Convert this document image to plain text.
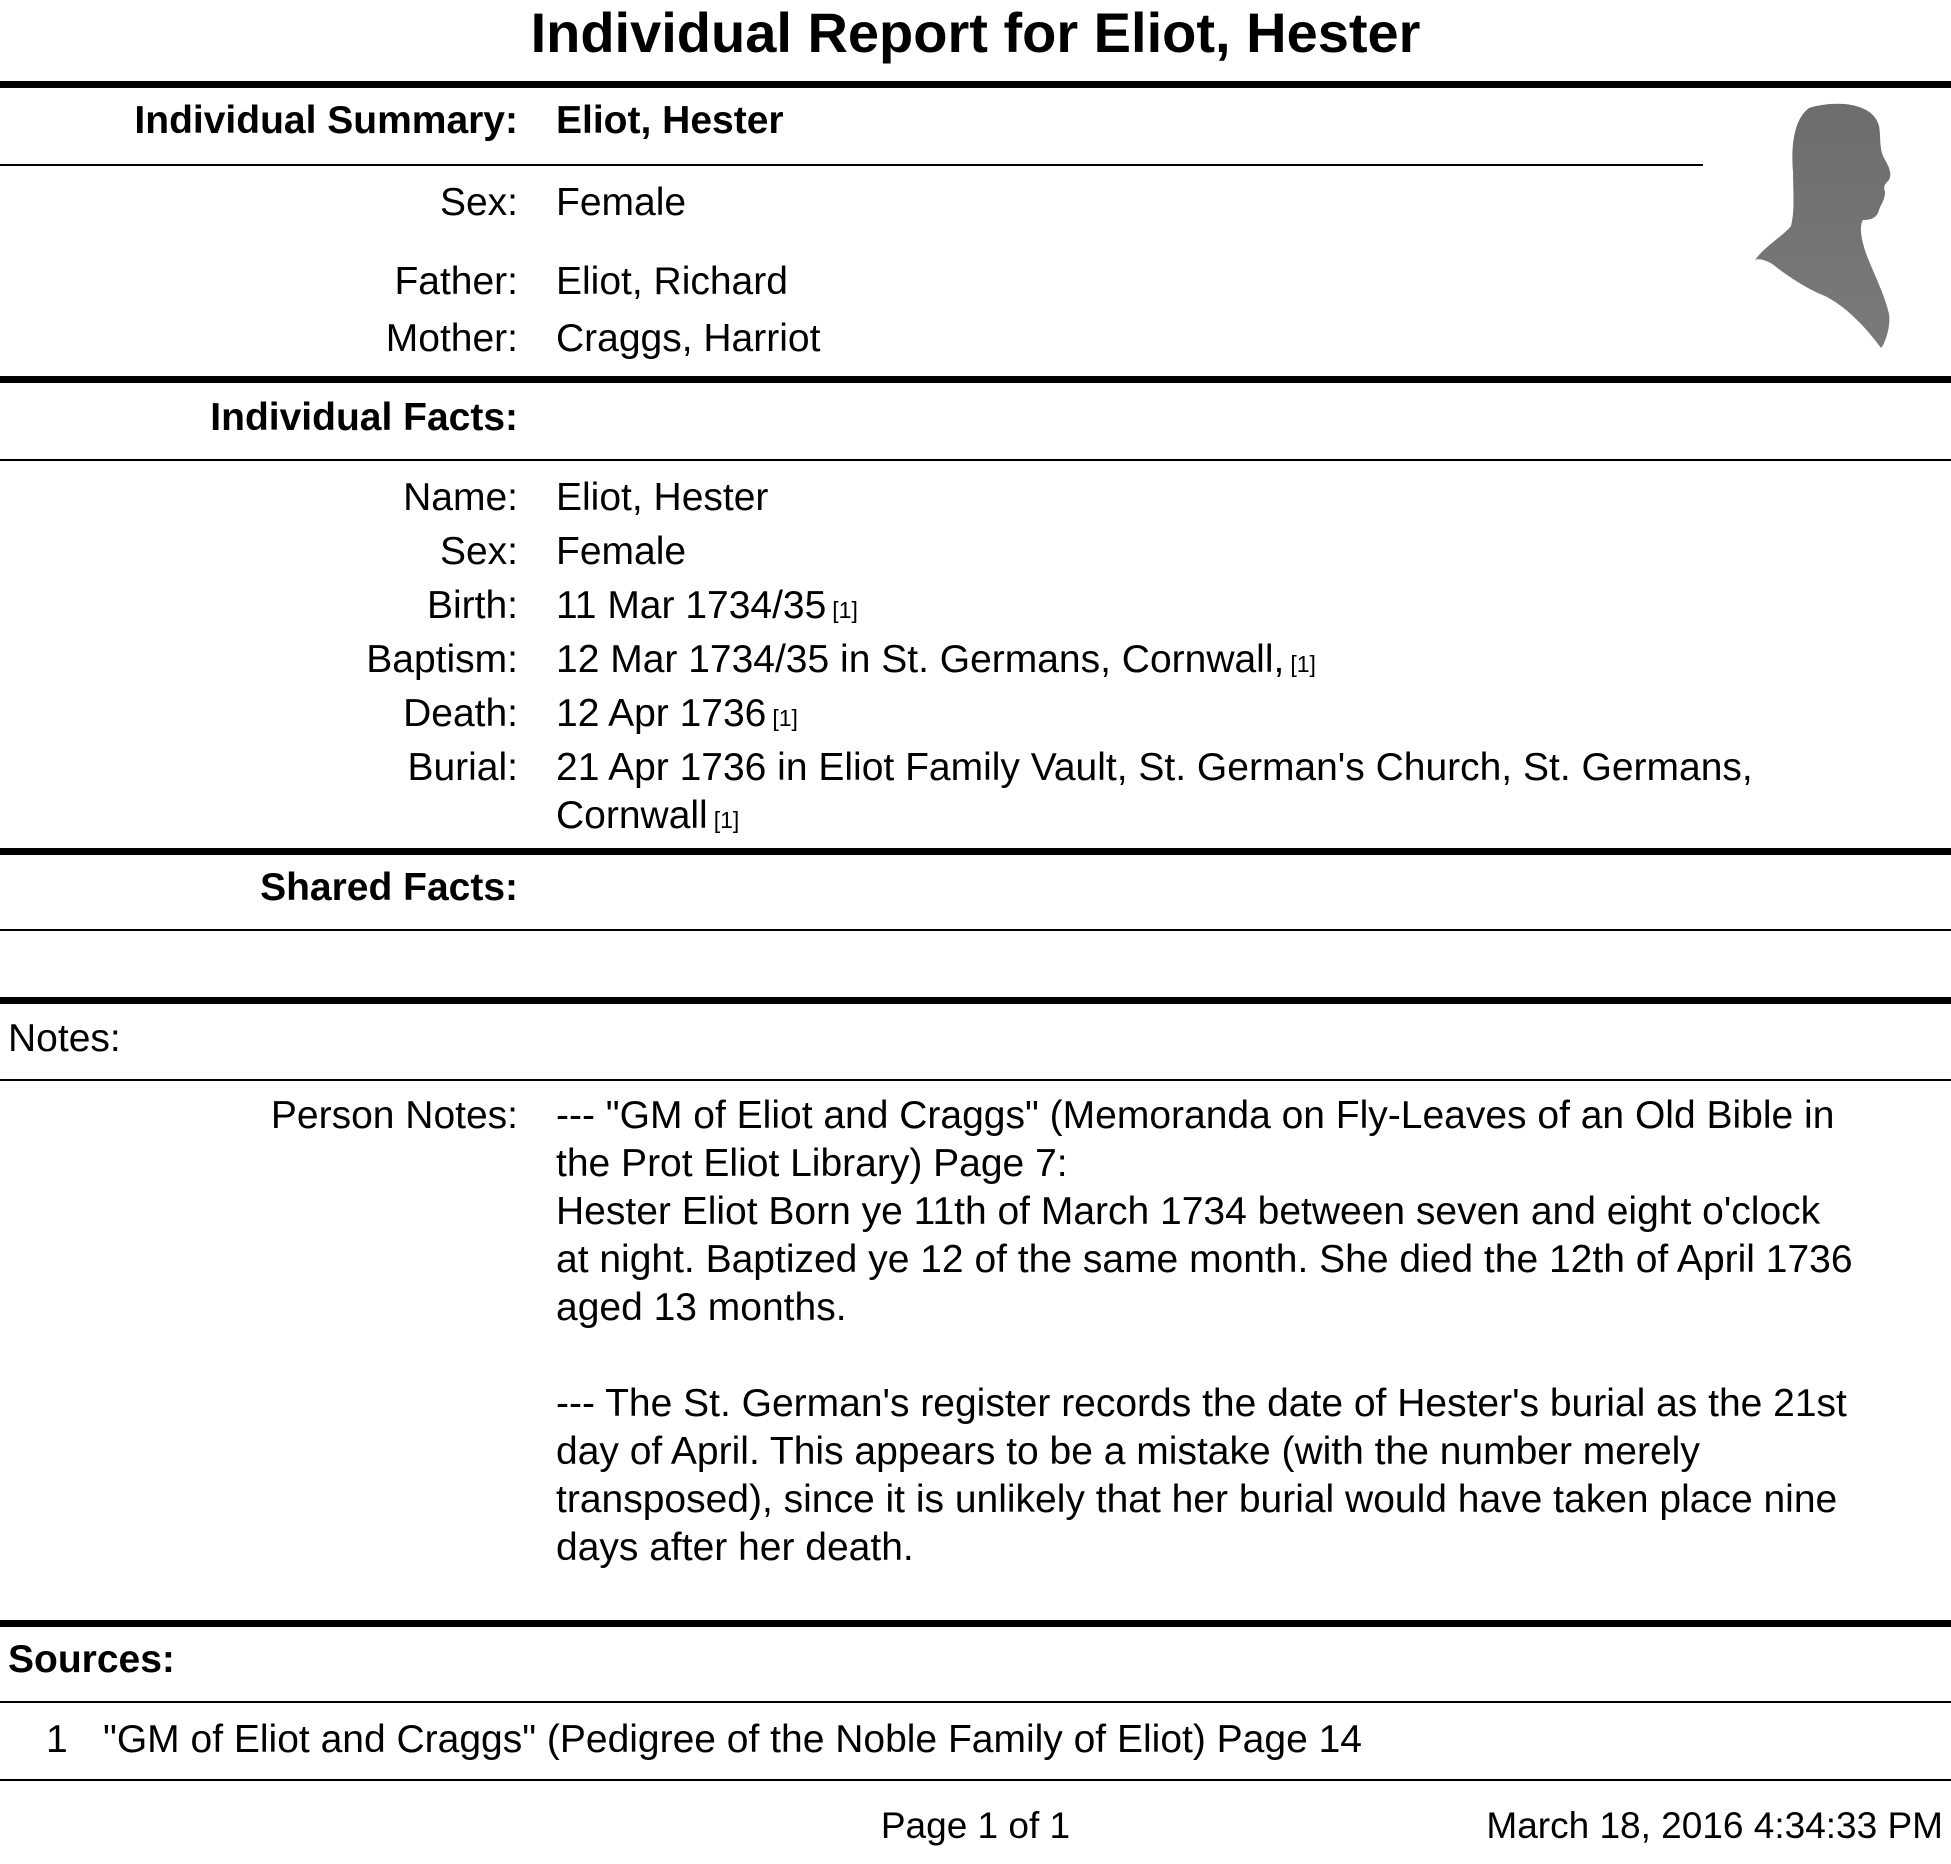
Individual Report for Eliot, Hester
Individual Summary: Eliot, Hester
Sex: Female
Father: Eliot, Richard
Mother: Craggs, Harriot
Individual Facts:
Name: Eliot, Hester
Sex: Female
Birth: 11 Mar 1734/35 [1]
Baptism: 12 Mar 1734/35 in St. Germans, Cornwall, [1]
Death: 12 Apr 1736 [1]
Burial: 21 Apr 1736 in Eliot Family Vault, St. German's Church, St. Germans,
Cornwall [1]
Shared Facts:
Notes:
Person Notes: --- "GM of Eliot and Craggs" (Memoranda on Fly-Leaves of an Old Bible in
the Prot Eliot Library) Page 7:
Hester Eliot Born ye 11th of March 1734 between seven and eight o'clock
at night. Baptized ye 12 of the same month. She died the 12th of April 1736
aged 13 months.

--- The St. German's register records the date of Hester's burial as the 21st
day of April. This appears to be a mistake (with the number merely
transposed), since it is unlikely that her burial would have taken place nine
days after her death.

Sources:
1 "GM of Eliot and Craggs" (Pedigree of the Noble Family of Eliot) Page 14
Page 1 of 1	March 18, 2016 4:34:33 PM
